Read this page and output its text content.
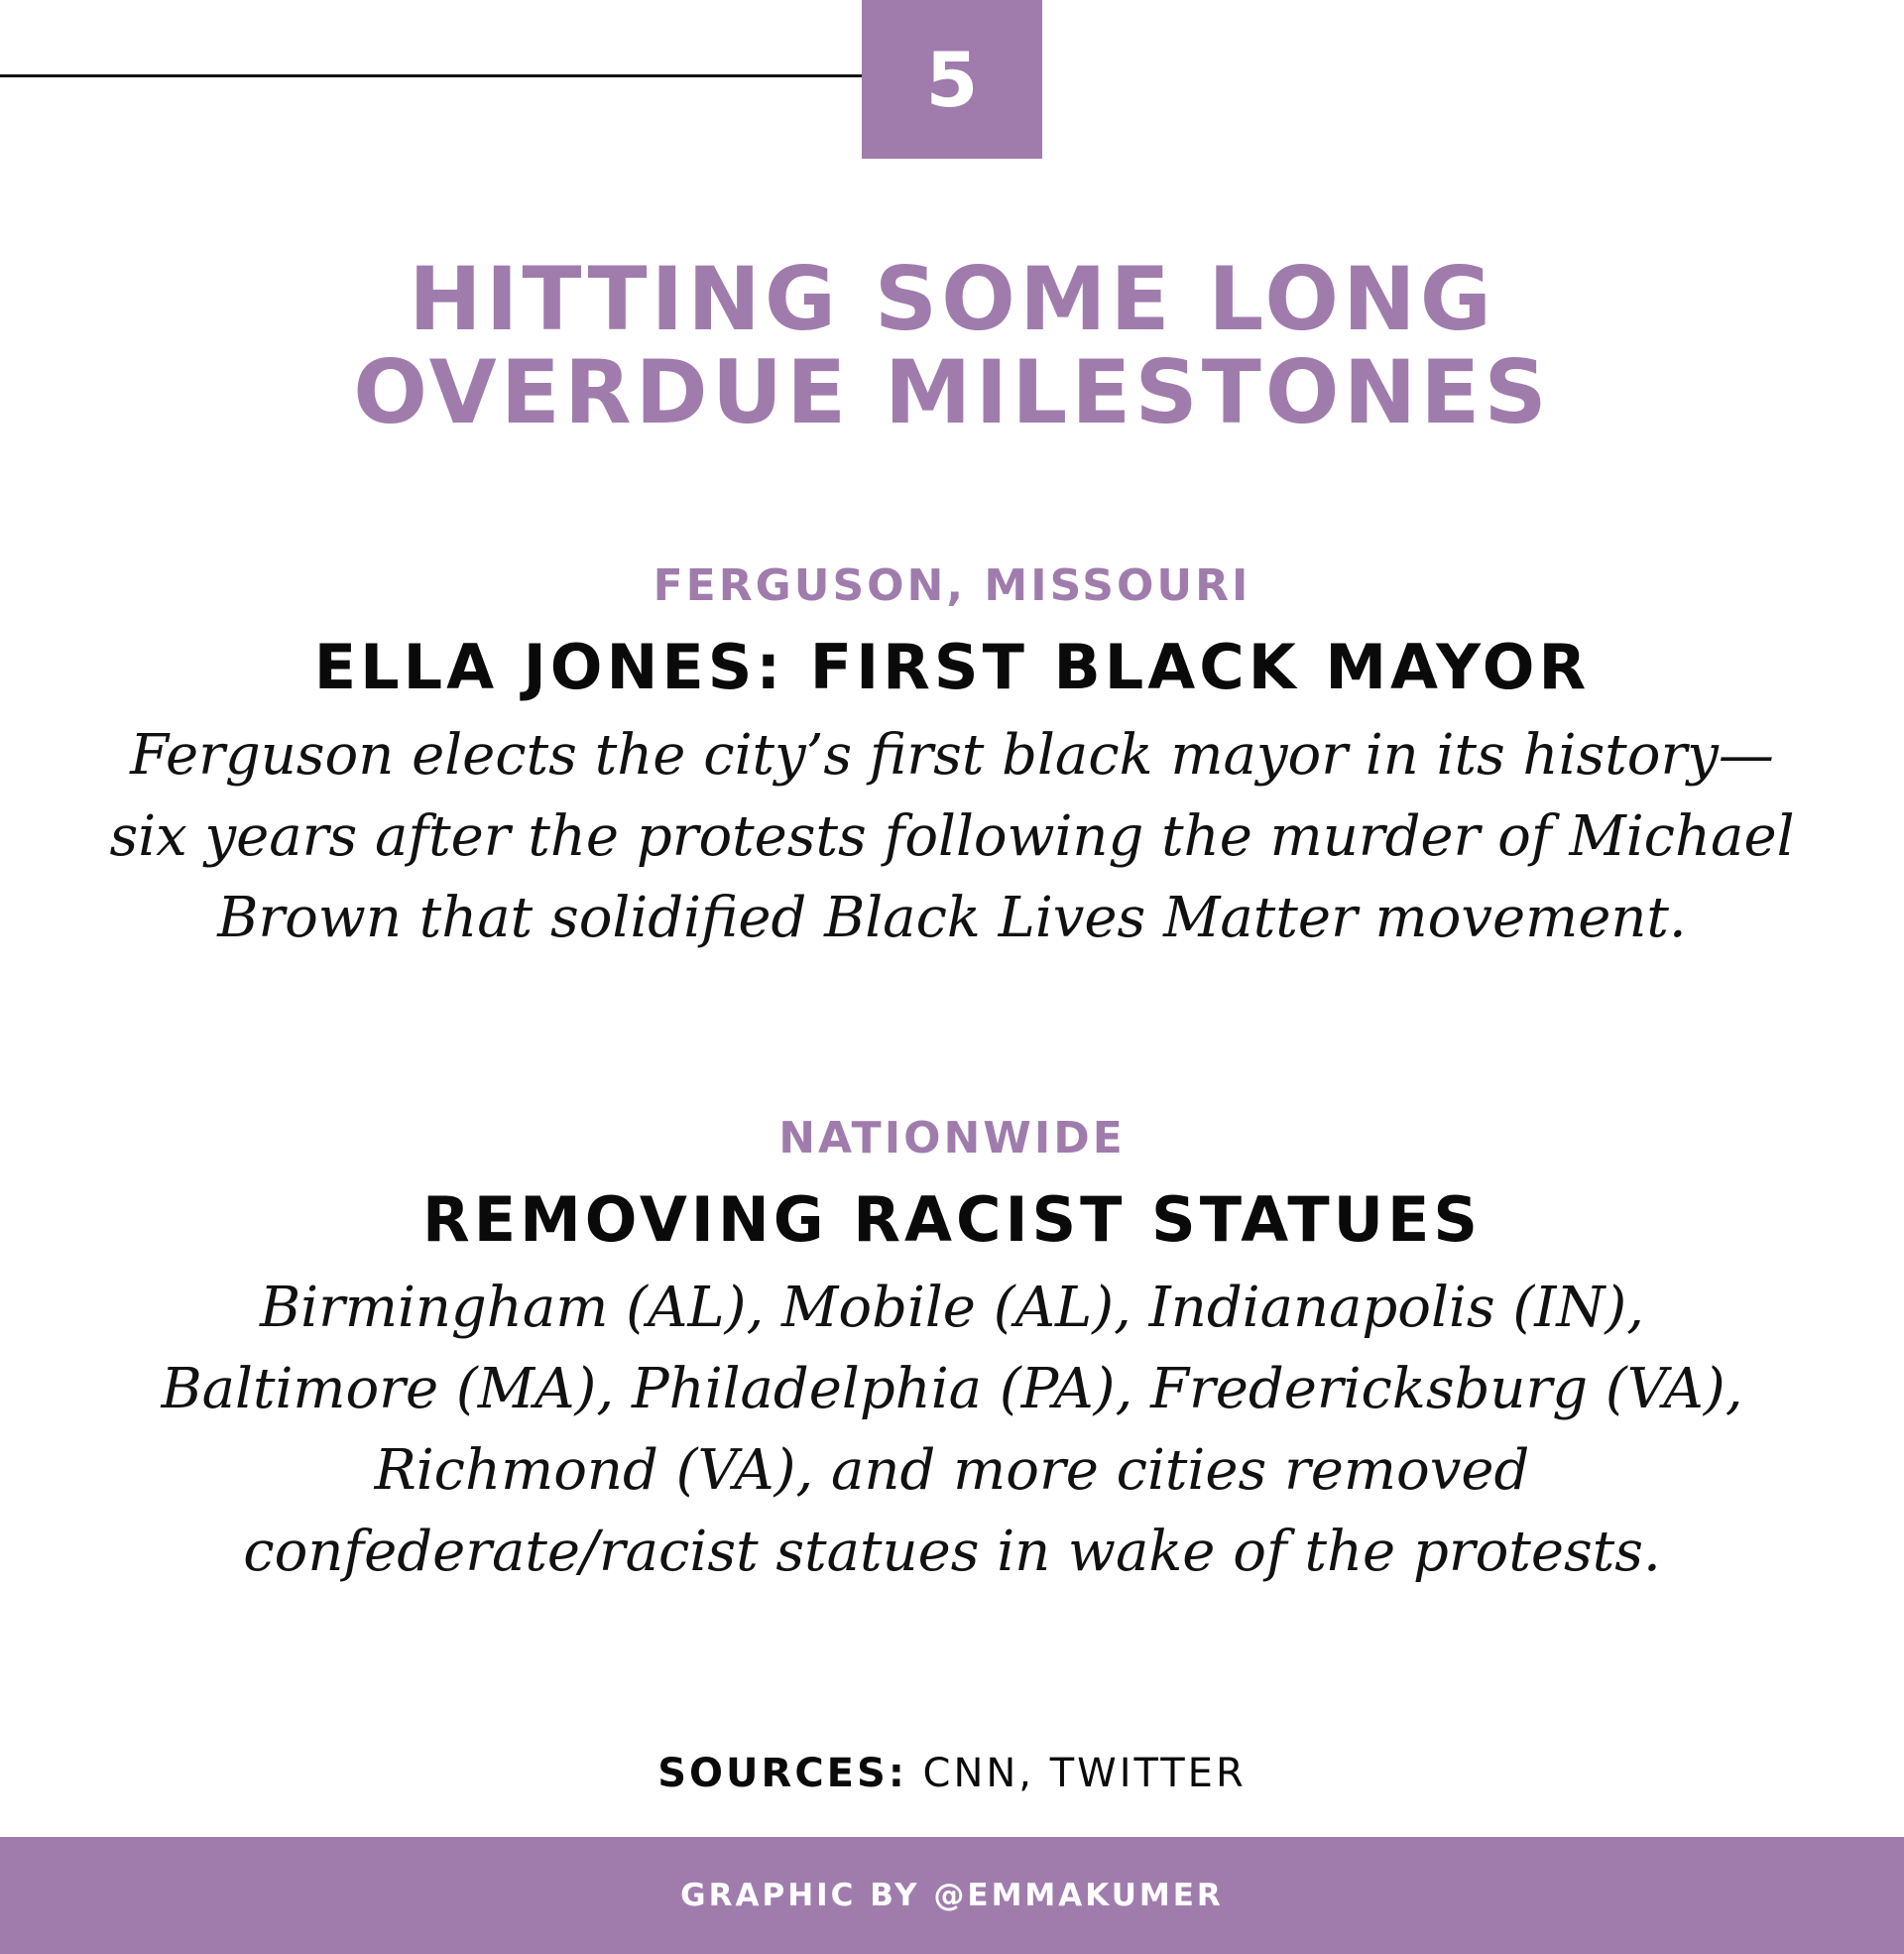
5
HITTING SOME LONG
OVERDUE MILESTONES
FERGUSON, MISSOURI
ELLA JONES: FIRST BLACK MAYOR
Ferguson elects the city’s first black mayor in its history—
six years after the protests following the murder of Michael
Brown that solidified Black Lives Matter movement.
NATIONWIDE
REMOVING RACIST STATUES
Birmingham (AL), Mobile (AL), Indianapolis (IN),
Baltimore (MA), Philadelphia (PA), Fredericksburg (VA),
Richmond (VA), and more cities removed
confederate/racist statues in wake of the protests.
SOURCES: CNN, TWITTER
GRAPHIC BY @EMMAKUMER
